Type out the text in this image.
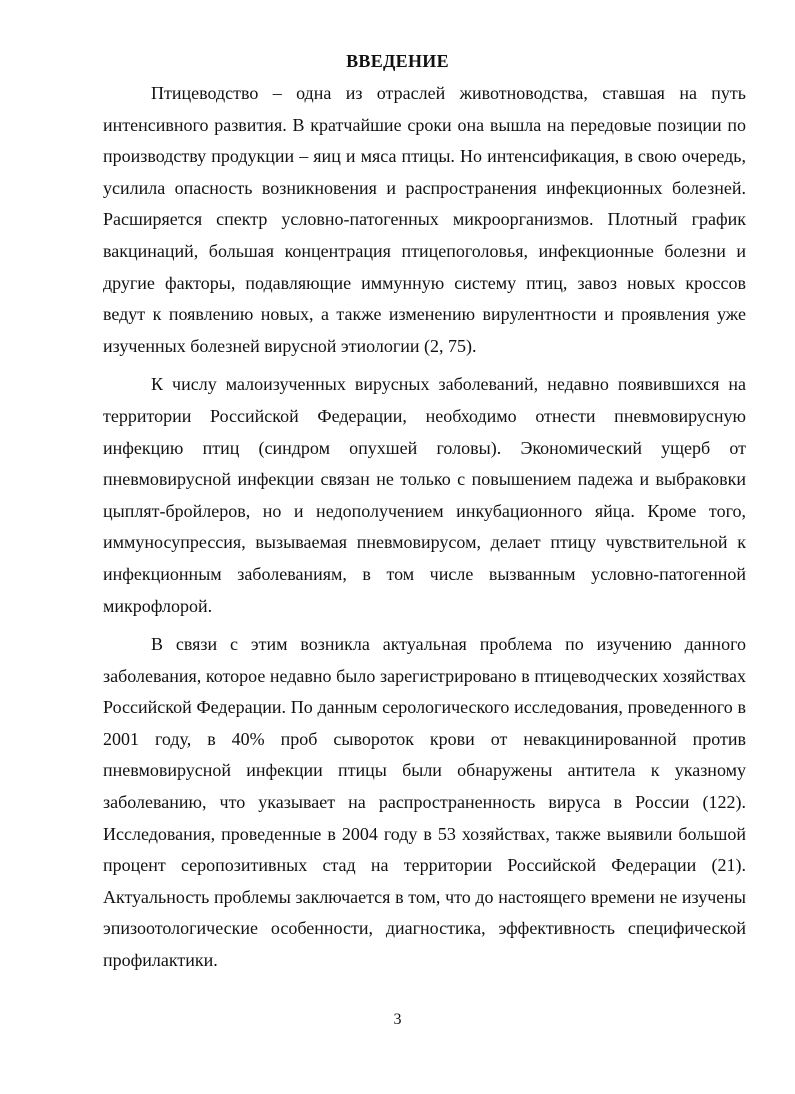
ВВЕДЕНИЕ

Птицеводство – одна из отраслей животноводства, ставшая на путь интенсивного развития. В кратчайшие сроки она вышла на передовые позиции по производству продукции – яиц и мяса птицы. Но интенсификация, в свою очередь, усилила опасность возникновения и распространения инфекционных болезней. Расширяется спектр условно-патогенных микроорганизмов. Плотный график вакцинаций, большая концентрация птицепоголовья, инфекционные болезни и другие факторы, подавляющие иммунную систему птиц, завоз новых кроссов ведут к появлению новых, а также изменению вирулентности и проявления уже изученных болезней вирусной этиологии (2, 75).

К числу малоизученных вирусных заболеваний, недавно появившихся на территории Российской Федерации, необходимо отнести пневмовирусную инфекцию птиц (синдром опухшей головы). Экономический ущерб от пневмовирусной инфекции связан не только с повышением падежа и выбраковки цыплят-бройлеров, но и недополучением инкубационного яйца. Кроме того, иммуносупрессия, вызываемая пневмовирусом, делает птицу чувствительной к инфекционным заболеваниям, в том числе вызванным условно-патогенной микрофлорой.

В связи с этим возникла актуальная проблема по изучению данного заболевания, которое недавно было зарегистрировано в птицеводческих хозяйствах Российской Федерации. По данным серологического исследования, проведенного в 2001 году, в 40% проб сывороток крови от невакцинированной против пневмовирусной инфекции птицы были обнаружены антитела к указному заболеванию, что указывает на распространенность вируса в России (122). Исследования, проведенные в 2004 году в 53 хозяйствах, также выявили большой процент серопозитивных стад на территории Российской Федерации (21). Актуальность проблемы заключается в том, что до настоящего времени не изучены эпизоотологические особенности, диагностика, эффективность специфической профилактики.

3
